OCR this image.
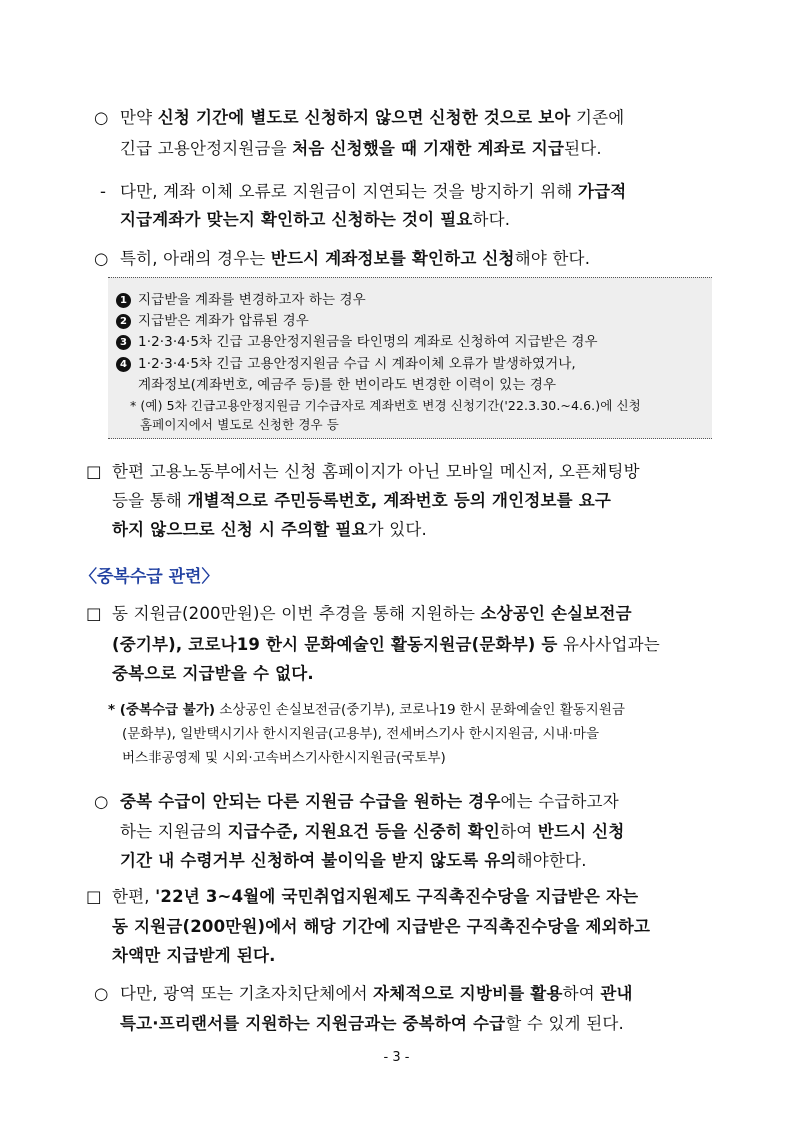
○ 만약 신청 기간에 별도로 신청하지 않으면 신청한 것으로 보아 기존에
긴급 고용안정지원금을 처음 신청했을 때 기재한 계좌로 지급된다.
- 다만, 계좌 이체 오류로 지원금이 지연되는 것을 방지하기 위해 가급적
지급계좌가 맞는지 확인하고 신청하는 것이 필요하다.
○ 특히, 아래의 경우는 반드시 계좌정보를 확인하고 신청해야 한다.
1 지급받을 계좌를 변경하고자 하는 경우
2 지급받은 계좌가 압류된 경우
3 1·2·3·4·5차 긴급 고용안정지원금을 타인명의 계좌로 신청하여 지급받은 경우
4 1·2·3·4·5차 긴급 고용안정지원금 수급 시 계좌이체 오류가 발생하였거나,
계좌정보(계좌번호, 예금주 등)를 한 번이라도 변경한 이력이 있는 경우
* (예) 5차 긴급고용안정지원금 기수급자로 계좌번호 변경 신청기간('22.3.30.~4.6.)에 신청
홈페이지에서 별도로 신청한 경우 등
□ 한편 고용노동부에서는 신청 홈페이지가 아닌 모바일 메신저, 오픈채팅방
등을 통해 개별적으로 주민등록번호, 계좌번호 등의 개인정보를 요구
하지 않으므로 신청 시 주의할 필요가 있다.
〈중복수급 관련〉
□ 동 지원금(200만원)은 이번 추경을 통해 지원하는 소상공인 손실보전금
(중기부), 코로나19 한시 문화예술인 활동지원금(문화부) 등 유사사업과는
중복으로 지급받을 수 없다.
* (중복수급 불가) 소상공인 손실보전금(중기부), 코로나19 한시 문화예술인 활동지원금
(문화부), 일반택시기사 한시지원금(고용부), 전세버스기사 한시지원금, 시내·마을
버스非공영제 및 시외·고속버스기사한시지원금(국토부)
○ 중복 수급이 안되는 다른 지원금 수급을 원하는 경우에는 수급하고자
하는 지원금의 지급수준, 지원요건 등을 신중히 확인하여 반드시 신청
기간 내 수령거부 신청하여 불이익을 받지 않도록 유의해야한다.
□ 한편, '22년 3~4월에 국민취업지원제도 구직촉진수당을 지급받은 자는
동 지원금(200만원)에서 해당 기간에 지급받은 구직촉진수당을 제외하고
차액만 지급받게 된다.
○ 다만, 광역 또는 기초자치단체에서 자체적으로 지방비를 활용하여 관내
특고·프리랜서를 지원하는 지원금과는 중복하여 수급할 수 있게 된다.
- 3 -
